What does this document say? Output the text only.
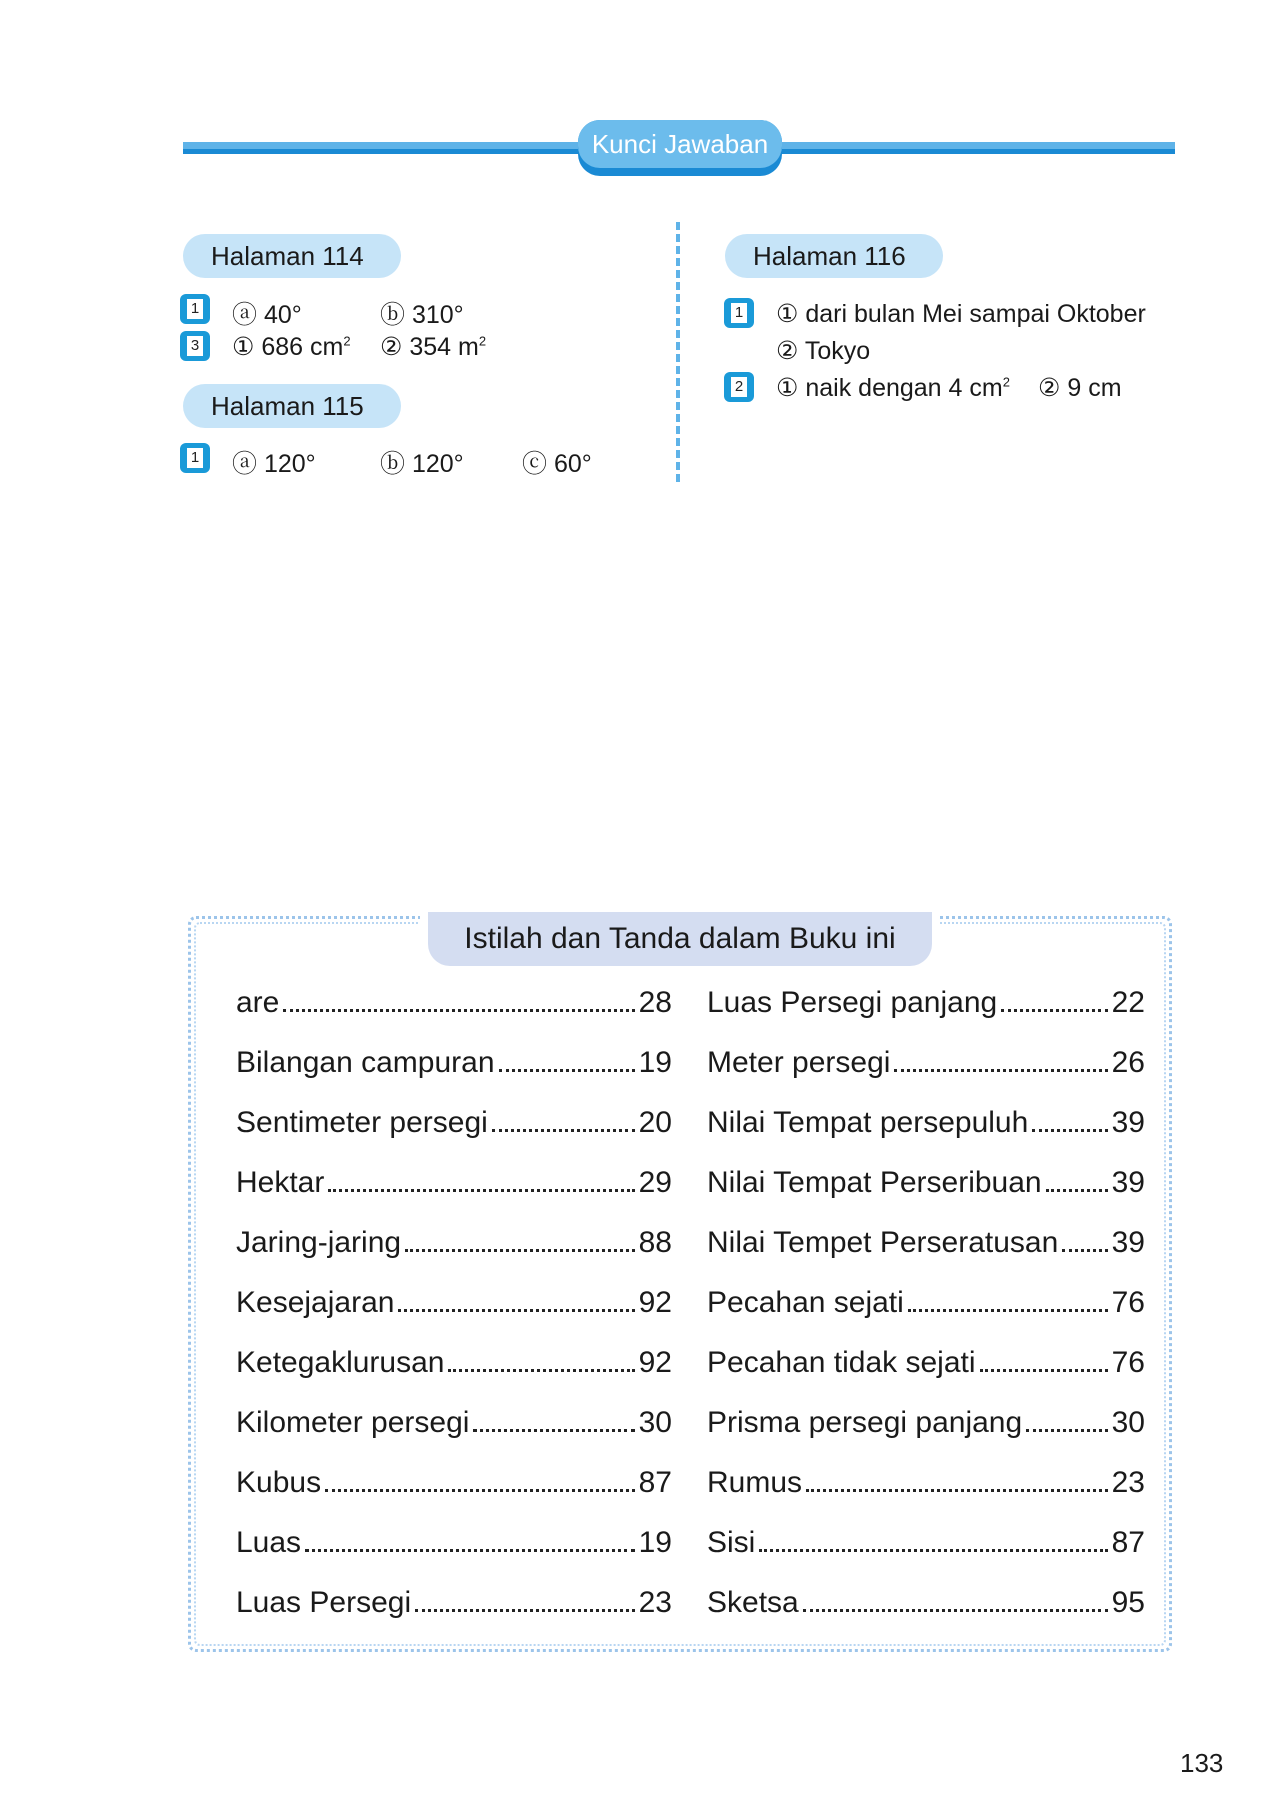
Kunci Jawaban
Halaman 114
1 ⓐ 40°	ⓑ 310°
3 ① 686 $cm^2$ ② 354 $m^2$
Halaman 115
1 ⓐ 120°	ⓑ 120° ⓒ 60°
Halaman 116
1 ① dari bulan Mei sampai Oktober
② Tokyo
2 ① naik dengan 4 $cm^2$ ② 9 cm
Istilah dan Tanda dalam Buku ini
are	28
Bilangan campuran	19
Sentimeter persegi	20
Hektar	29
Jaring-jaring	88
Kesejajaran	92
Ketegaklurusan	92
Kilometer persegi	30
Kubus	87
Luas	19
Luas Persegi	23
Luas Persegi panjang	22
Meter persegi	26
Nilai Tempat persepuluh	39
Nilai Tempat Perseribuan 39
Nilai Tempet Perseratusan 39
Pecahan sejati	76
Pecahan tidak sejati	76
Prisma persegi panjang	30
Rumus	23
Sisi	87
Sketsa	95
133
